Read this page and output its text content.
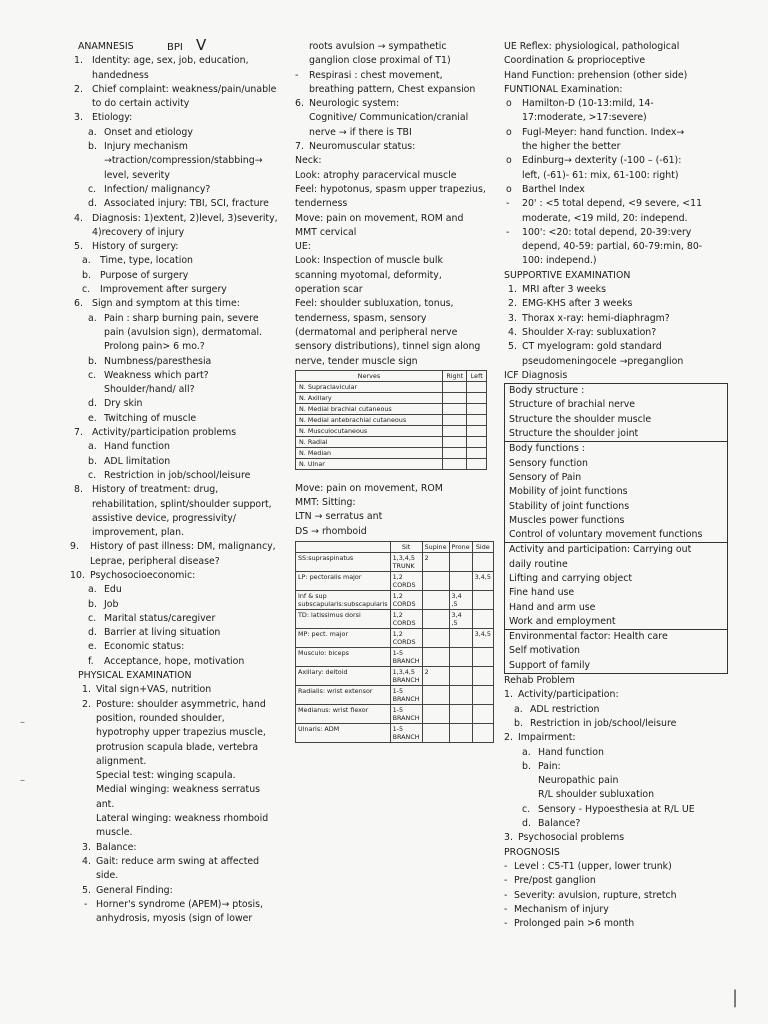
BPI V
–
–
|
ANAMNESIS
1. Identity: age, sex, job, education,
handedness
2. Chief complaint: weakness/pain/unable
to do certain activity
3. Etiology:
a. Onset and etiology
b. Injury mechanism
→traction/compression/stabbing→
level, severity
c. Infection/ malignancy?
d. Associated injury: TBI, SCI, fracture
4. Diagnosis: 1)extent, 2)level, 3)severity,
4)recovery of injury
5. History of surgery:
a. Time, type, location
b. Purpose of surgery
c. Improvement after surgery
6. Sign and symptom at this time:
a. Pain : sharp burning pain, severe
pain (avulsion sign), dermatomal.
Prolong pain> 6 mo.?
b. Numbness/paresthesia
c. Weakness which part?
Shoulder/hand/ all?
d. Dry skin
e. Twitching of muscle
7. Activity/participation problems
a. Hand function
b. ADL limitation
c. Restriction in job/school/leisure
8. History of treatment: drug,
rehabilitation, splint/shoulder support,
assistive device, progressivity/
improvement, plan.
9. History of past illness: DM, malignancy,
Leprae, peripheral disease?
10. Psychosocioeconomic:
a. Edu
b. Job
c. Marital status/caregiver
d. Barrier at living situation
e. Economic status:
f. Acceptance, hope, motivation
PHYSICAL EXAMINATION
1. Vital sign+VAS, nutrition
2. Posture: shoulder asymmetric, hand
position, rounded shoulder,
hypotrophy upper trapezius muscle,
protrusion scapula blade, vertebra
alignment.
Special test: winging scapula.
Medial winging: weakness serratus
ant.
Lateral winging: weakness rhomboid
muscle.
3. Balance:
4. Gait: reduce arm swing at affected
side.
5. General Finding:
- Horner's syndrome (APEM)→ ptosis,
anhydrosis, myosis (sign of lower
roots avulsion → sympathetic
ganglion close proximal of T1)
- Respirasi : chest movement,
breathing pattern, Chest expansion
6. Neurologic system:
Cognitive/ Communication/cranial
nerve → if there is TBI
7. Neuromuscular status:
Neck:
Look: atrophy paracervical muscle
Feel: hypotonus, spasm upper trapezius,
tenderness
Move: pain on movement, ROM and
MMT cervical
UE:
Look: Inspection of muscle bulk
scanning myotomal, deformity,
operation scar
Feel: shoulder subluxation, tonus,
tenderness, spasm, sensory
(dermatomal and peripheral nerve
sensory distributions), tinnel sign along
nerve, tender muscle sign
Nerves	Right	Left
N. Supraclavicular		
N. Axillary		
N. Medial brachial cutaneous		
N. Medial antebrachial cutaneous		
N. Musculocutaneous		
N. Radial		
N. Median		
N. Ulnar		
Move: pain on movement, ROM
MMT: Sitting:
LTN → serratus ant
DS → rhomboid
	Sit	Supine	Prone	Side
SS:supraspinatus	1,3,4,5 TRUNK	2		
LP: pectoralis major	1,2 CORDS			3,4,5
Inf & sup subscapularis:subscapularis	1,2 CORDS		3,4 ,5	
TD: latissimus dorsi	1,2 CORDS		3,4 ,5	
MP: pect. major	1,2 CORDS			3,4,5
Musculo: biceps	1-5 BRANCH			
Axillary: deltoid	1,3,4,5 BRANCH	2		
Radialis: wrist extensor	1-5 BRANCH			
Medianus: wrist flexor	1-5 BRANCH			
Ulnaris: ADM	1-5 BRANCH			
UE Reflex: physiological, pathological
Coordination & proprioceptive
Hand Function: prehension (other side)
FUNTIONAL Examination:
o Hamilton-D (10-13:mild, 14-
17:moderate, >17:severe)
o Fugl-Meyer: hand function. Index→
the higher the better
o Edinburg→ dexterity (-100 – (-61):
left, (-61)- 61: mix, 61-100: right)
o Barthel Index
- 20' : <5 total depend, <9 severe, <11
moderate, <19 mild, 20: independ.
- 100': <20: total depend, 20-39:very
depend, 40-59: partial, 60-79:min, 80-
100: independ.)
SUPPORTIVE EXAMINATION
1. MRI after 3 weeks
2. EMG-KHS after 3 weeks
3. Thorax x-ray: hemi-diaphragm?
4. Shoulder X-ray: subluxation?
5. CT myelogram: gold standard
pseudomeningocele →preganglion
ICF Diagnosis
Body structure :
Structure of brachial nerve
Structure the shoulder muscle
Structure the shoulder joint
Body functions :
Sensory function
Sensory of Pain
Mobility of joint functions
Stability of joint functions
Muscles power functions
Control of voluntary movement functions
Activity and participation: Carrying out
daily routine
Lifting and carrying object
Fine hand use
Hand and arm use
Work and employment
Environmental factor: Health care
Self motivation
Support of family
Rehab Problem
1. Activity/participation:
a. ADL restriction
b. Restriction in job/school/leisure
2. Impairment:
a. Hand function
b. Pain:
Neuropathic pain
R/L shoulder subluxation
c. Sensory - Hypoesthesia at R/L UE
d. Balance?
3. Psychosocial problems
PROGNOSIS
- Level : C5-T1 (upper, lower trunk)
- Pre/post ganglion
- Severity: avulsion, rupture, stretch
- Mechanism of injury
- Prolonged pain >6 month
